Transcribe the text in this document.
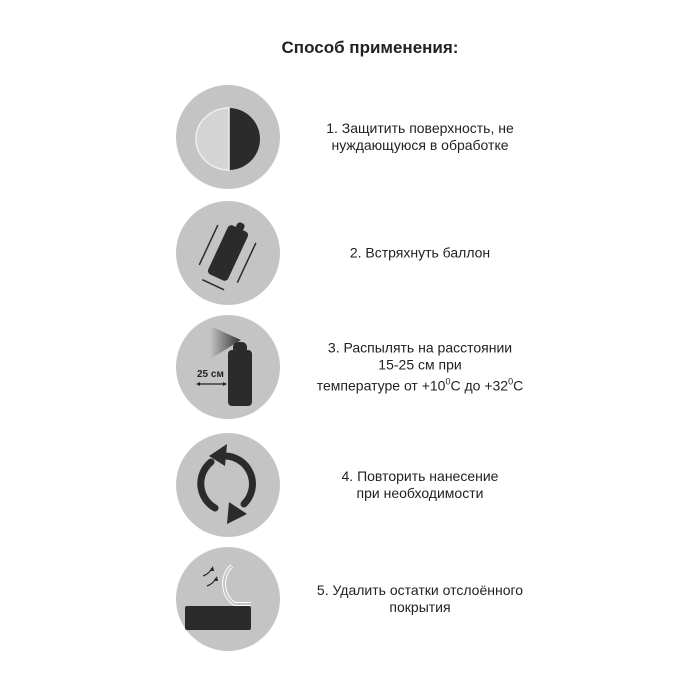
Способ применения:
1. Защитить поверхность, не
нуждающуюся в обработке
2. Встряхнуть баллон
25 см
3. Распылять на расстоянии
15-25 см при
температуре от $+10^0С$ до $+32^0С$
4. Повторить нанесение
при необходимости
5. Удалить остатки отслоённого
покрытия
